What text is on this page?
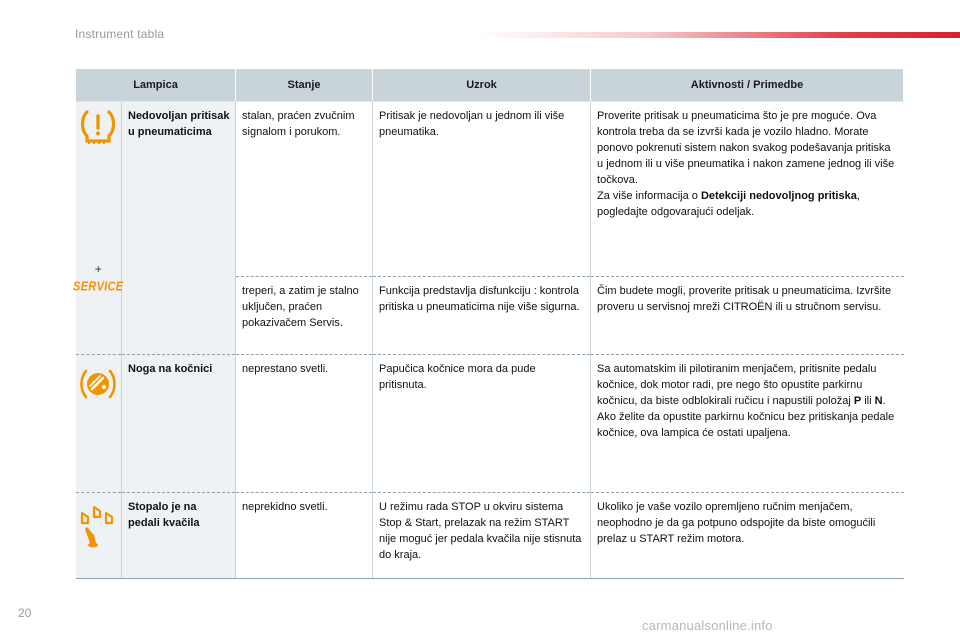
Instrument tabla
Lampica		Stanje	Uzrok	Aktivnosti / Primedbe

+
SERVICE	Nedovoljan pritisak u pneumaticima	stalan, praćen zvučnim signalom i porukom.	Pritisak je nedovoljan u jednom ili više pneumatika.	Proverite pritisak u pneumaticima što je pre moguće. Ova kontrola treba da se izvrši kada je vozilo hladno. Morate ponovo pokrenuti sistem nakon svakog podešavanja pritiska u jednom ili u više pneumatika i nakon zamene jednog ili više točkova.
Za više informacija o Detekciji nedovoljnog pritiska, pogledajte odgovarajući odeljak.

		treperi, a zatim je stalno uključen, praćen pokazivačem Servis.	Funkcija predstavlja disfunkciju : kontrola pritiska u pneumaticima nije više sigurna.	Čim budete mogli, proverite pritisak u pneumaticima. Izvršite proveru u servisnoj mreži CITROËN ili u stručnom servisu.
	Noga na kočnici	neprestano svetli.	Papučica kočnice mora da pude pritisnuta.	Sa automatskim ili pilotiranim menjačem, pritisnite pedalu kočnice, dok motor radi, pre nego što opustite parkirnu kočnicu, da biste odblokirali ručicu i napustili položaj P ili N.
Ako želite da opustite parkirnu kočnicu bez pritiskanja pedale kočnice, ova lampica će ostati upaljena.

	Stopalo je na pedali kvačila	neprekidno svetli.	U režimu rada STOP u okviru sistema Stop & Start, prelazak na režim START nije moguć jer pedala kvačila nije stisnuta do kraja.	Ukoliko je vaše vozilo opremljeno ručnim menjačem, neophodno je da ga potpuno odspojite da biste omogućili prelaz u START režim motora.
20
carmanualsonline.info
